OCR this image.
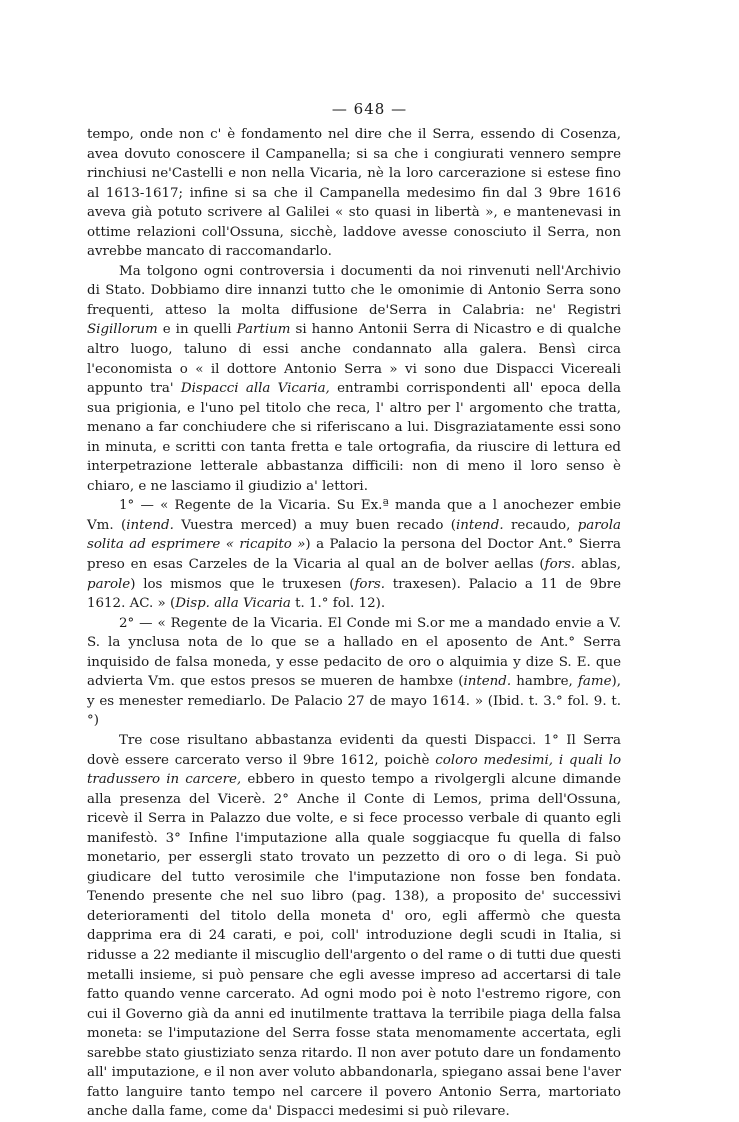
— 648 —

tempo, onde non c' è fondamento nel dire che il Serra, essendo di Cosenza, avea dovuto conoscere il Campanella; si sa che i congiurati vennero sempre rinchiusi ne'Castelli e non nella Vicaria, nè la loro carcerazione si estese fino al 1613-1617; infine si sa che il Campanella medesimo fin dal 3 9bre 1616 aveva già potuto scrivere al Galilei « sto quasi in libertà », e mantenevasi in ottime relazioni coll'Ossuna, sicchè, laddove avesse conosciuto il Serra, non avrebbe mancato di raccomandarlo.

Ma tolgono ogni controversia i documenti da noi rinvenuti nell'Archivio di Stato. Dobbiamo dire innanzi tutto che le omonimie di Antonio Serra sono frequenti, atteso la molta diffusione de'Serra in Calabria: ne' Registri Sigillorum e in quelli Partium si hanno Antonii Serra di Nicastro e di qualche altro luogo, taluno di essi anche condannato alla galera. Bensì circa l'economista o « il dottore Antonio Serra » vi sono due Dispacci Vicereali appunto tra' Dispacci alla Vicaria, entrambi corrispondenti all' epoca della sua prigionia, e l'uno pel titolo che reca, l' altro per l' argomento che tratta, menano a far conchiudere che si riferiscano a lui. Disgraziatamente essi sono in minuta, e scritti con tanta fretta e tale ortografia, da riuscire di lettura ed interpetrazione letterale abbastanza difficili: non di meno il loro senso è chiaro, e ne lasciamo il giudizio a' lettori.

1° — « Regente de la Vicaria. Su Ex.ª manda que a l anochezer embie Vm. (intend. Vuestra merced) a muy buen recado (intend. recaudo, parola solita ad esprimere « ricapito ») a Palacio la persona del Doctor Ant.° Sierra preso en esas Carzeles de la Vicaria al qual an de bolver aellas (fors. ablas, parole) los mismos que le truxesen (fors. traxesen). Palacio a 11 de 9bre 1612. AC. » (Disp. alla Vicaria t. 1.° fol. 12).

2° — « Regente de la Vicaria. El Conde mi S.or me a mandado envie a V. S. la ynclusa nota de lo que se a hallado en el aposento de Ant.° Serra inquisido de falsa moneda, y esse pedacito de oro o alquimia y dize S. E. que advierta Vm. que estos presos se mueren de hambxe (intend. hambre, fame), y es menester remediarlo. De Palacio 27 de mayo 1614. » (Ibid. t. 3.° fol. 9. t.°)

Tre cose risultano abbastanza evidenti da questi Dispacci. 1° Il Serra dovè essere carcerato verso il 9bre 1612, poichè coloro medesimi, i quali lo tradussero in carcere, ebbero in questo tempo a rivolgergli alcune dimande alla presenza del Vicerè. 2° Anche il Conte di Lemos, prima dell'Ossuna, ricevè il Serra in Palazzo due volte, e si fece processo verbale di quanto egli manifestò. 3° Infine l'imputazione alla quale soggiacque fu quella di falso monetario, per essergli stato trovato un pezzetto di oro o di lega. Si può giudicare del tutto verosimile che l'imputazione non fosse ben fondata. Tenendo presente che nel suo libro (pag. 138), a proposito de' successivi deterioramenti del titolo della moneta d' oro, egli affermò che questa dapprima era di 24 carati, e poi, coll' introduzione degli scudi in Italia, si ridusse a 22 mediante il miscuglio dell'argento o del rame o di tutti due questi metalli insieme, si può pensare che egli avesse impreso ad accertarsi di tale fatto quando venne carcerato. Ad ogni modo poi è noto l'estremo rigore, con cui il Governo già da anni ed inutilmente trattava la terribile piaga della falsa moneta: se l'imputazione del Serra fosse stata menomamente accertata, egli sarebbe stato giustiziato senza ritardo. Il non aver potuto dare un fondamento all' imputazione, e il non aver voluto abbandonarla, spiegano assai bene l'aver fatto languire tanto tempo nel carcere il povero Antonio Serra, martoriato anche dalla fame, come da' Dispacci medesimi si può rilevare.
